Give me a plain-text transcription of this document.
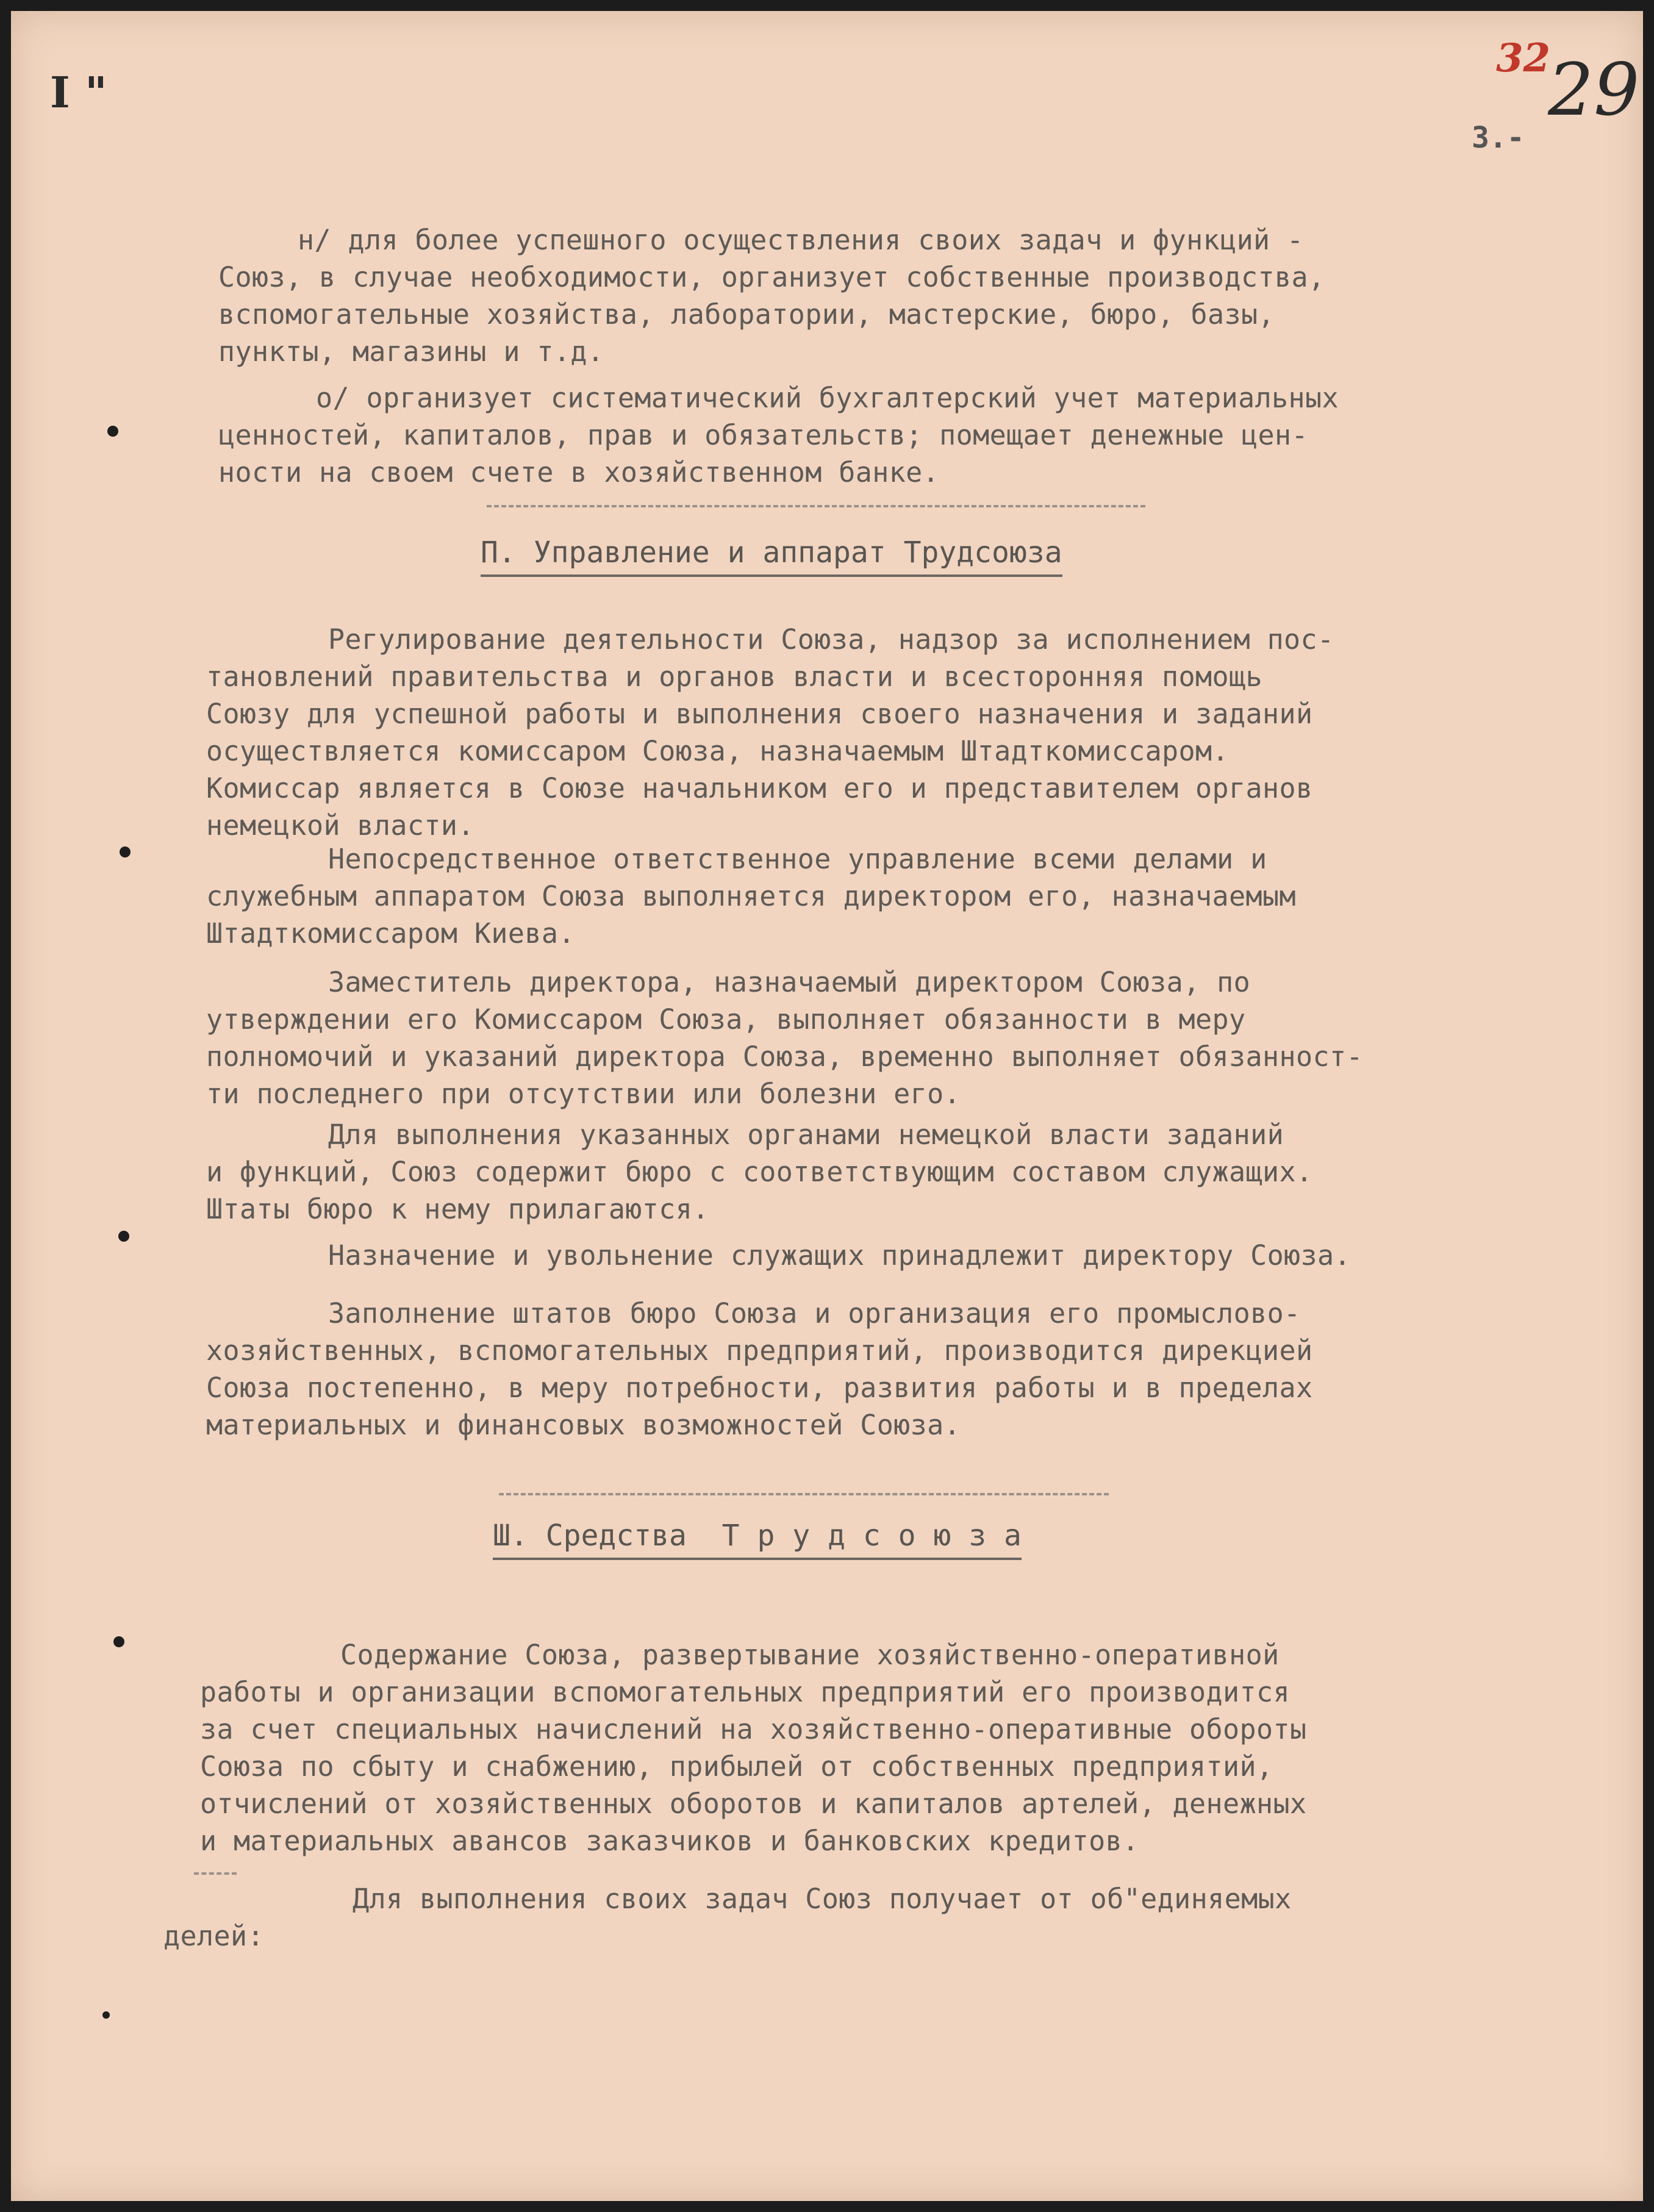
I "
32
29
3.-
н/ для более успешного осуществления своих задач и функций -
Союз, в случае необходимости, организует собственные производства,
вспомогательные хозяйства, лаборатории, мастерские, бюро, базы,
пункты, магазины и т.д.
о/ организует систематический бухгалтерский учет материальных
ценностей, капиталов, прав и обязательств; помещает денежные цен-
ности на своем счете в хозяйственном банке.
П. Управление и аппарат Трудсоюза
Регулирование деятельности Союза, надзор за исполнением пос-
тановлений правительства и органов власти и всесторонняя помощь
Союзу для успешной работы и выполнения своего назначения и заданий
осуществляется комиссаром Союза, назначаемым Штадткомиссаром.
Комиссар является в Союзе начальником его и представителем органов
немецкой власти.
Непосредственное ответственное управление всеми делами и
служебным аппаратом Союза выполняется директором его, назначаемым
Штадткомиссаром Киева.
Заместитель директора, назначаемый директором Союза, по
утверждении его Комиссаром Союза, выполняет обязанности в меру
полномочий и указаний директора Союза, временно выполняет обязанност-
ти последнего при отсутствии или болезни его.
Для выполнения указанных органами немецкой власти заданий
и функций, Союз содержит бюро с соответствующим составом служащих.
Штаты бюро к нему прилагаются.
Назначение и увольнение служащих принадлежит директору Союза.
Заполнение штатов бюро Союза и организация его промыслово-
хозяйственных, вспомогательных предприятий, производится дирекцией
Союза постепенно, в меру потребности, развития работы и в пределах
материальных и финансовых возможностей Союза.
Ш. Средства  Т р у д с о ю з а
Содержание Союза, развертывание хозяйственно-оперативной
работы и организации вспомогательных предприятий его производится
за счет специальных начислений на хозяйственно-оперативные обороты
Союза по сбыту и снабжению, прибылей от собственных предприятий,
отчислений от хозяйственных оборотов и капиталов артелей, денежных
и материальных авансов заказчиков и банковских кредитов.
Для выполнения своих задач Союз получает от об"единяемых
делей:
